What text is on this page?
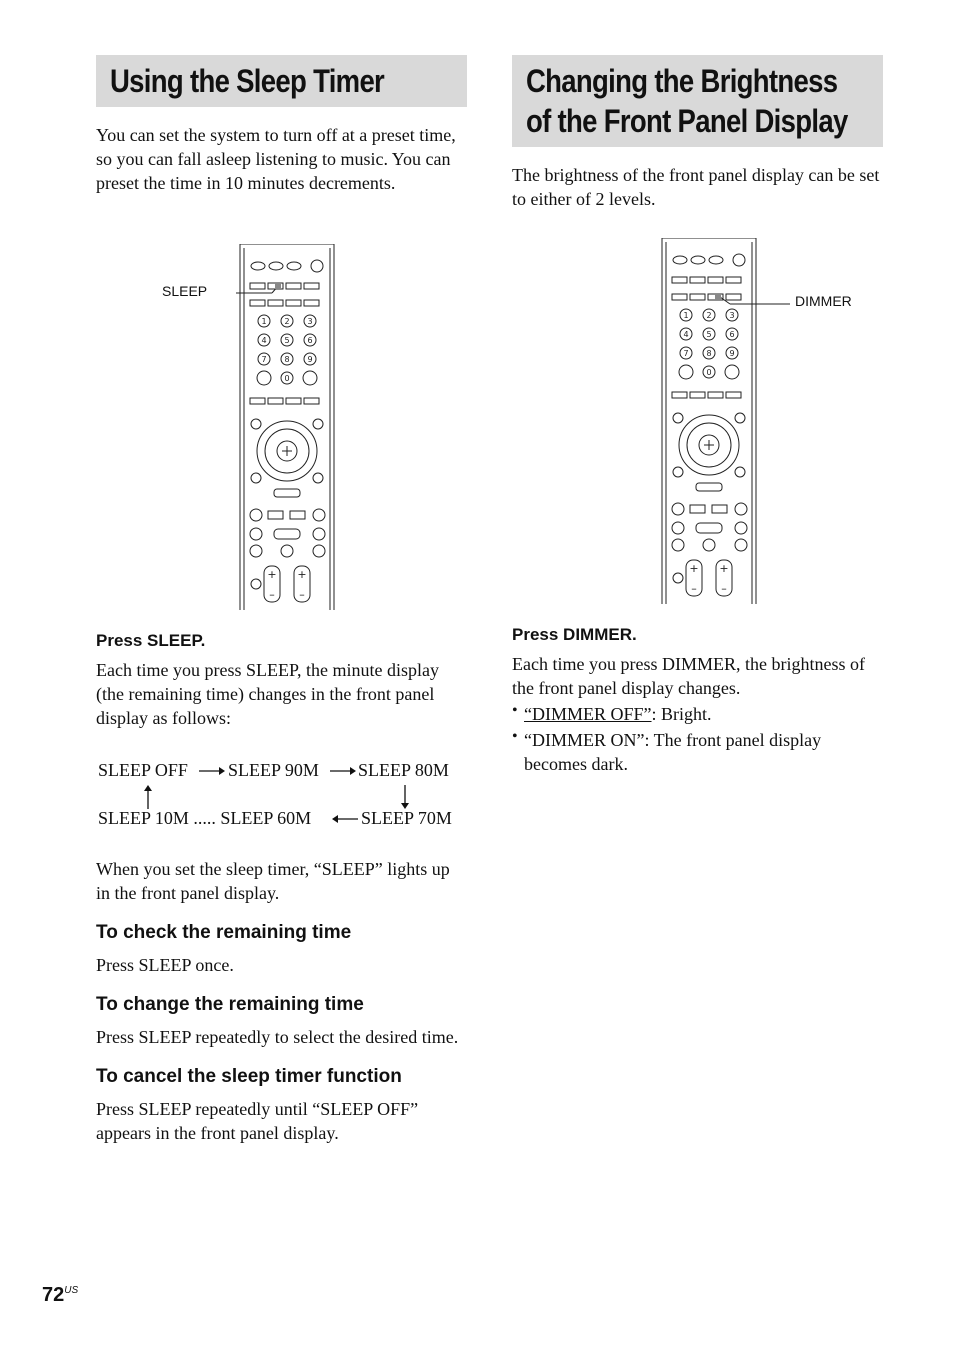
Using the Sleep Timer

You can set the system to turn off at a preset time, so you can fall asleep listening to music. You can preset the time in 10 minutes decrements.

1 2 3
4 5 6
7 8 9
0
+
–
+
–
SLEEP

Press SLEEP.

Each time you press SLEEP, the minute display (the remaining time) changes in the front panel display as follows:

SLEEP OFF SLEEP 90M SLEEP 80M
SLEEP 10M ..... SLEEP 60M	SLEEP 70M

When you set the sleep timer, “SLEEP” lights up in the front panel display.

To check the remaining time

Press SLEEP once.

To change the remaining time

Press SLEEP repeatedly to select the desired time.

To cancel the sleep timer function

Press SLEEP repeatedly until “SLEEP OFF” appears in the front panel display.

Changing the Brightness
of the Front Panel Display

The brightness of the front panel display can be set to either of 2 levels.

1 2 3
4 5 6
7 8 9
0
+
–
+
–
DIMMER

Press DIMMER.

Each time you press DIMMER, the brightness of the front panel display changes.

• “DIMMER OFF”: Bright.

• “DIMMER ON”: The front panel display becomes dark.

$72^{US}$
